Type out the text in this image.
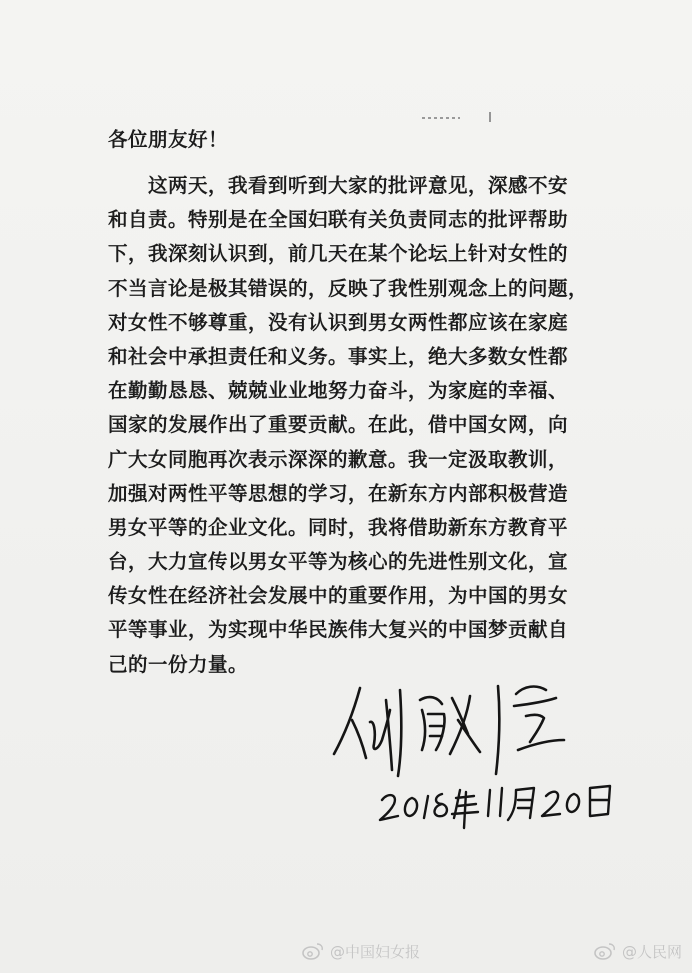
各位朋友好！

这两天，我看到听到大家的批评意见，深感不安

和自责。特别是在全国妇联有关负责同志的批评帮助

下，我深刻认识到，前几天在某个论坛上针对女性的

不当言论是极其错误的，反映了我性别观念上的问题，

对女性不够尊重，没有认识到男女两性都应该在家庭

和社会中承担责任和义务。事实上，绝大多数女性都

在勤勤恳恳、兢兢业业地努力奋斗，为家庭的幸福、

国家的发展作出了重要贡献。在此，借中国女网，向

广大女同胞再次表示深深的歉意。我一定汲取教训，

加强对两性平等思想的学习，在新东方内部积极营造

男女平等的企业文化。同时，我将借助新东方教育平

台，大力宣传以男女平等为核心的先进性别文化，宣

传女性在经济社会发展中的重要作用，为中国的男女

平等事业，为实现中华民族伟大复兴的中国梦贡献自

己的一份力量。

@中国妇女报	@人民网
